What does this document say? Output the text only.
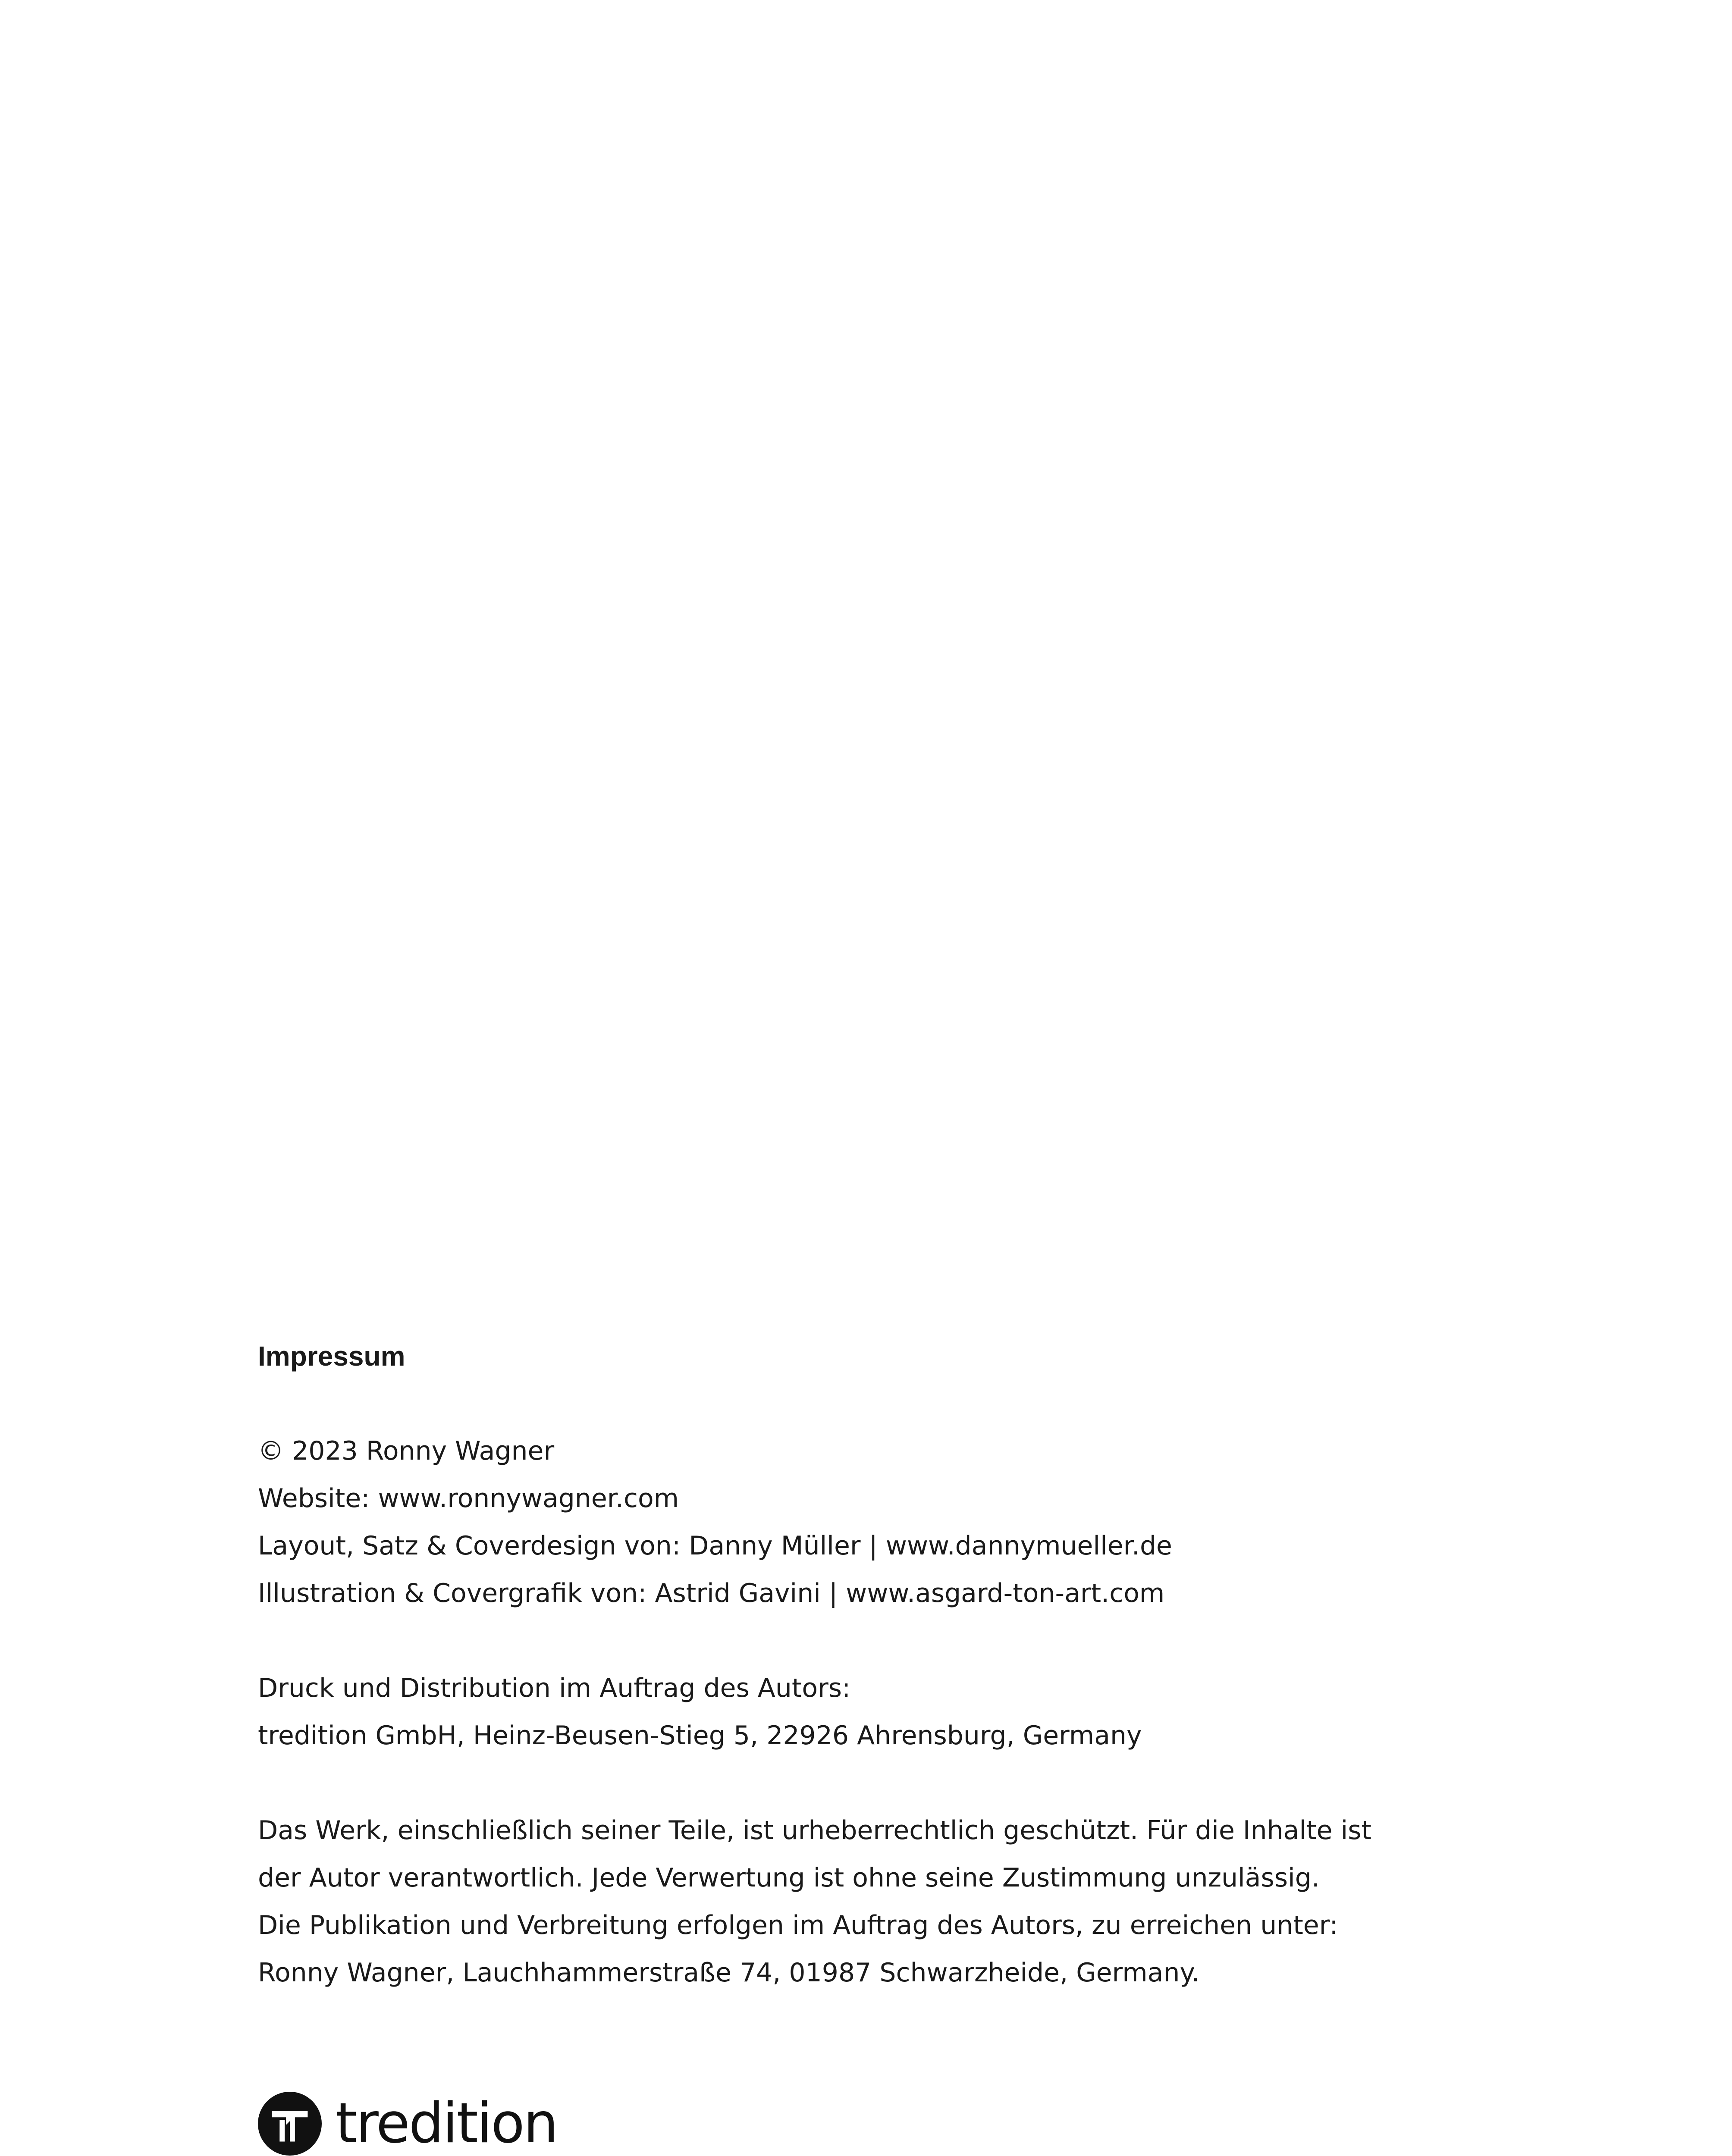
Impressum
© 2023 Ronny Wagner
Website: www.ronnywagner.com
Layout, Satz & Coverdesign von: Danny Müller | www.dannymueller.de
Illustration & Covergrafik von: Astrid Gavini | www.asgard-ton-art.com
Druck und Distribution im Auftrag des Autors:
tredition GmbH, Heinz-Beusen-Stieg 5, 22926 Ahrensburg, Germany
Das Werk, einschließlich seiner Teile, ist urheberrechtlich geschützt. Für die Inhalte ist
der Autor verantwortlich. Jede Verwertung ist ohne seine Zustimmung unzulässig.
Die Publikation und Verbreitung erfolgen im Auftrag des Autors, zu erreichen unter:
Ronny Wagner, Lauchhammerstraße 74, 01987 Schwarzheide, Germany.
tredition
